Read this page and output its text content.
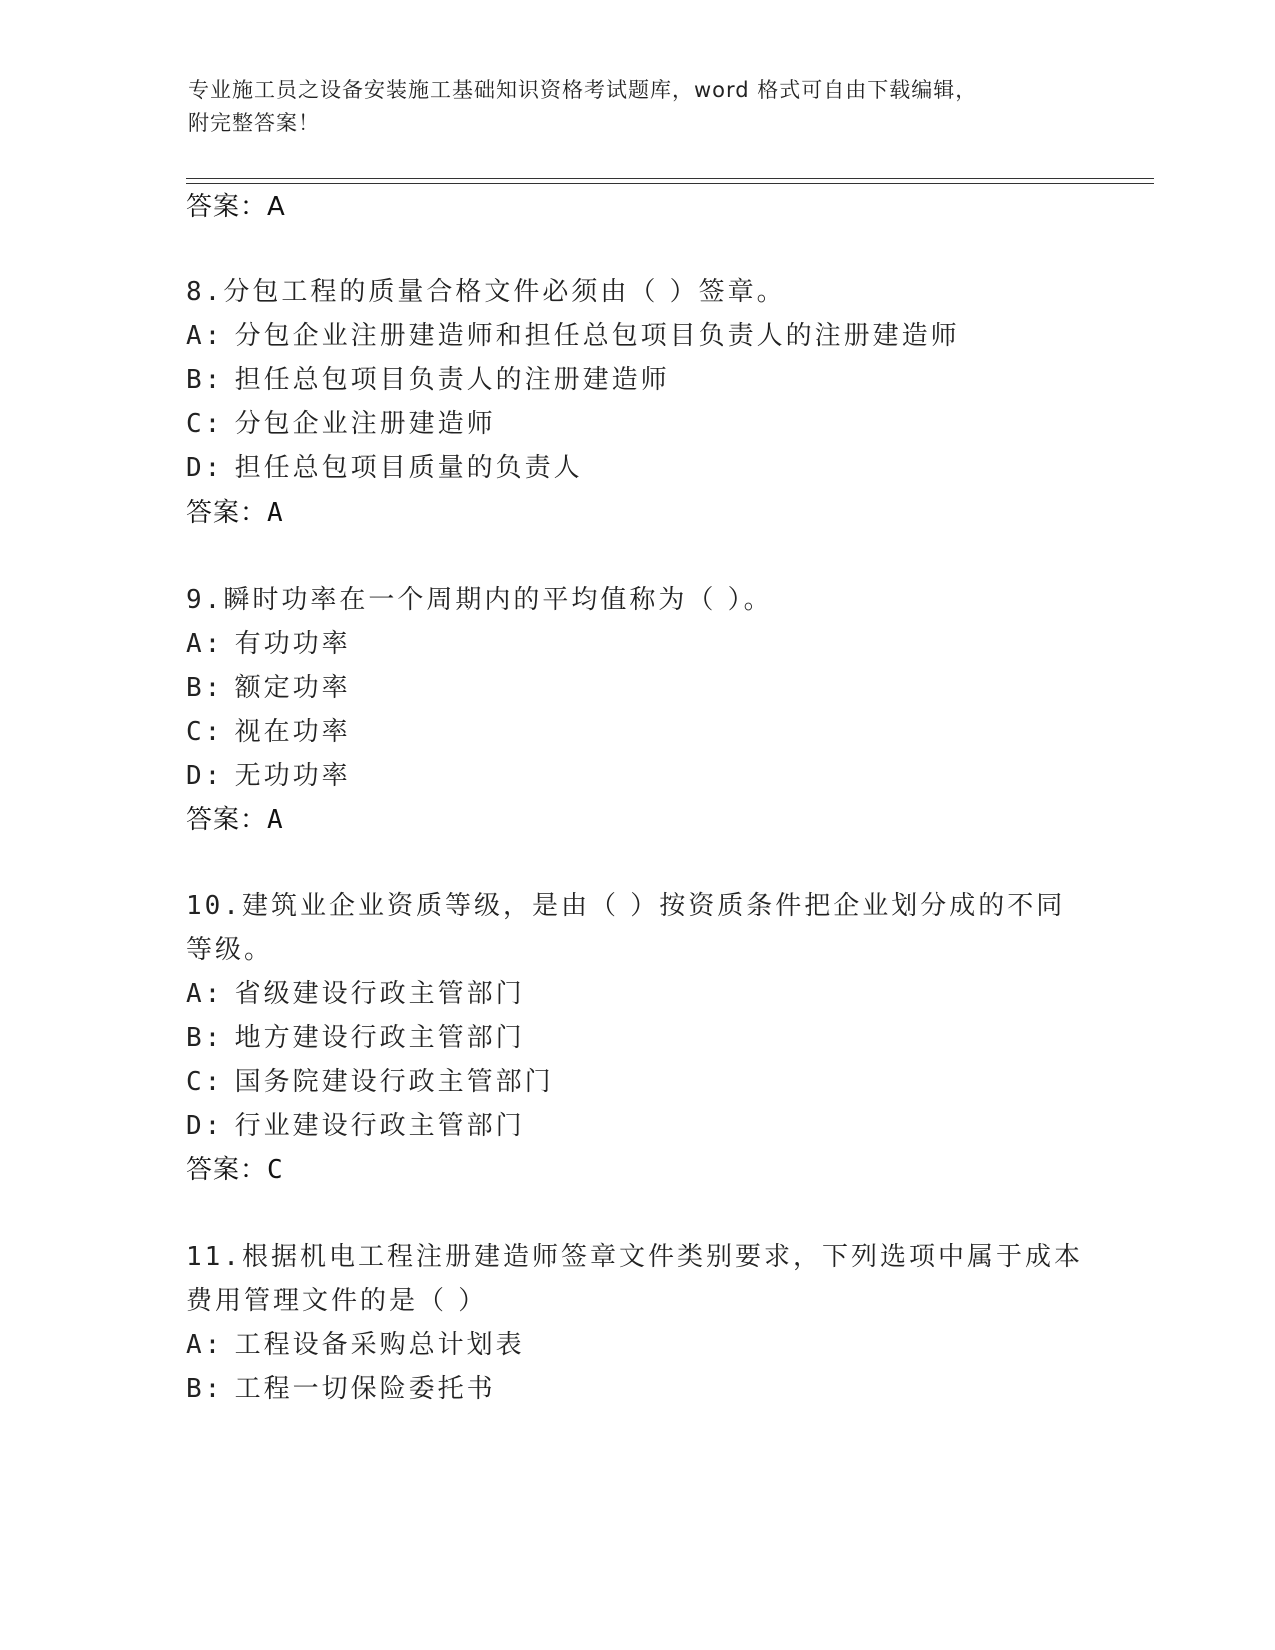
专业施工员之设备安装施工基础知识资格考试题库，word 格式可自由下载编辑，
附完整答案！
答案：A
8.分包工程的质量合格文件必须由（ ）签章。
A: 分包企业注册建造师和担任总包项目负责人的注册建造师
B: 担任总包项目负责人的注册建造师
C: 分包企业注册建造师
D: 担任总包项目质量的负责人
答案：A
9.瞬时功率在一个周期内的平均值称为（ ）。
A: 有功功率
B: 额定功率
C: 视在功率
D: 无功功率
答案：A
10.建筑业企业资质等级，是由（ ）按资质条件把企业划分成的不同
等级。
A: 省级建设行政主管部门
B: 地方建设行政主管部门
C: 国务院建设行政主管部门
D: 行业建设行政主管部门
答案：C
11.根据机电工程注册建造师签章文件类别要求，下列选项中属于成本
费用管理文件的是（ ）
A: 工程设备采购总计划表
B: 工程一切保险委托书
